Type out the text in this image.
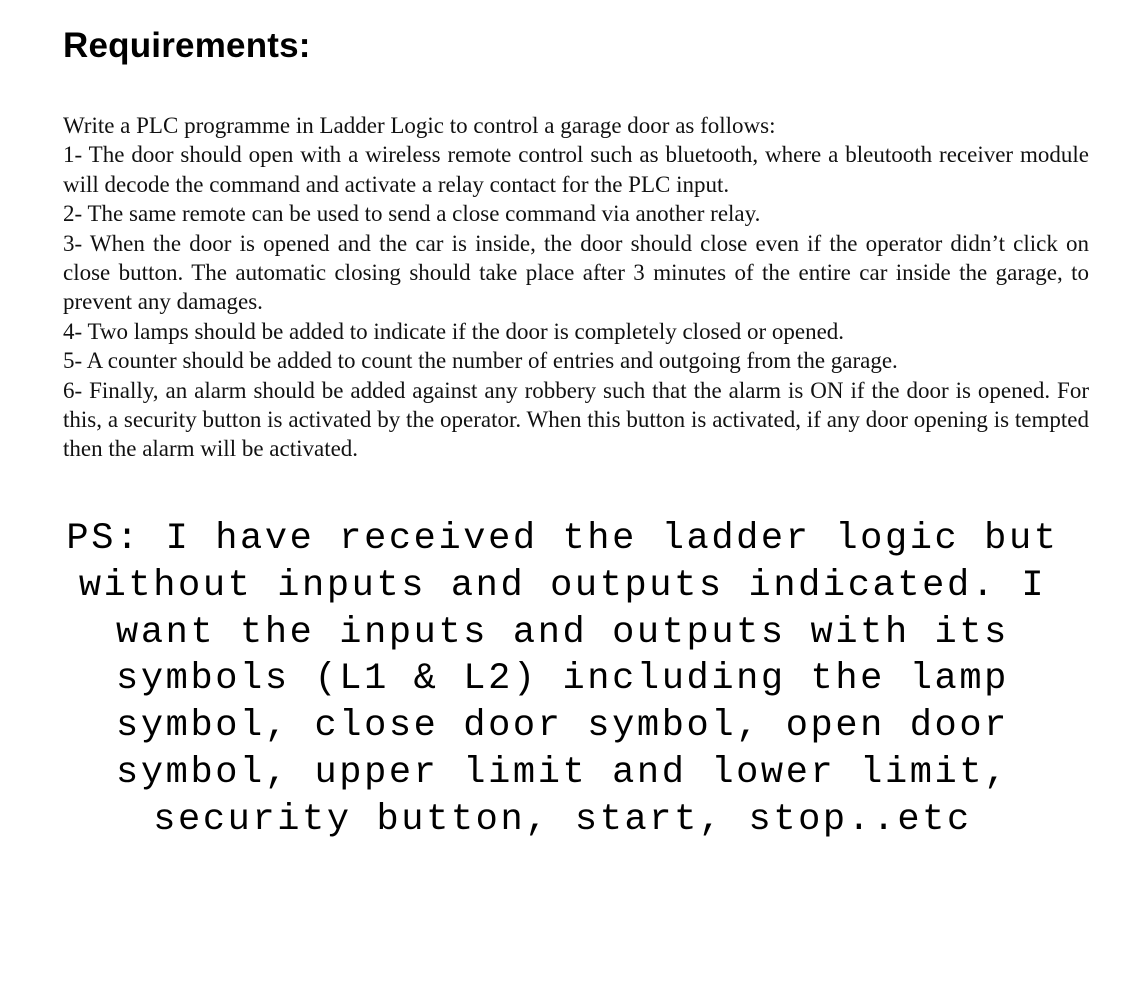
Requirements:

Write a PLC programme in Ladder Logic to control a garage door as follows:

1- The door should open with a wireless remote control such as bluetooth, where a bleutooth receiver module will decode the command and activate a relay contact for the PLC input.

2- The same remote can be used to send a close command via another relay.

3- When the door is opened and the car is inside, the door should close even if the operator didn’t click on close button. The automatic closing should take place after 3 minutes of the entire car inside the garage, to prevent any damages.

4- Two lamps should be added to indicate if the door is completely closed or opened.

5- A counter should be added to count the number of entries and outgoing from the garage.

6- Finally, an alarm should be added against any robbery such that the alarm is ON if the door is opened. For this, a security button is activated by the operator. When this button is activated, if any door opening is tempted then the alarm will be activated.

PS: I have received the ladder logic but without inputs and outputs indicated. I want the inputs and outputs with its symbols (L1 & L2) including the lamp symbol, close door symbol, open door symbol, upper limit and lower limit, security button, start, stop..etc
